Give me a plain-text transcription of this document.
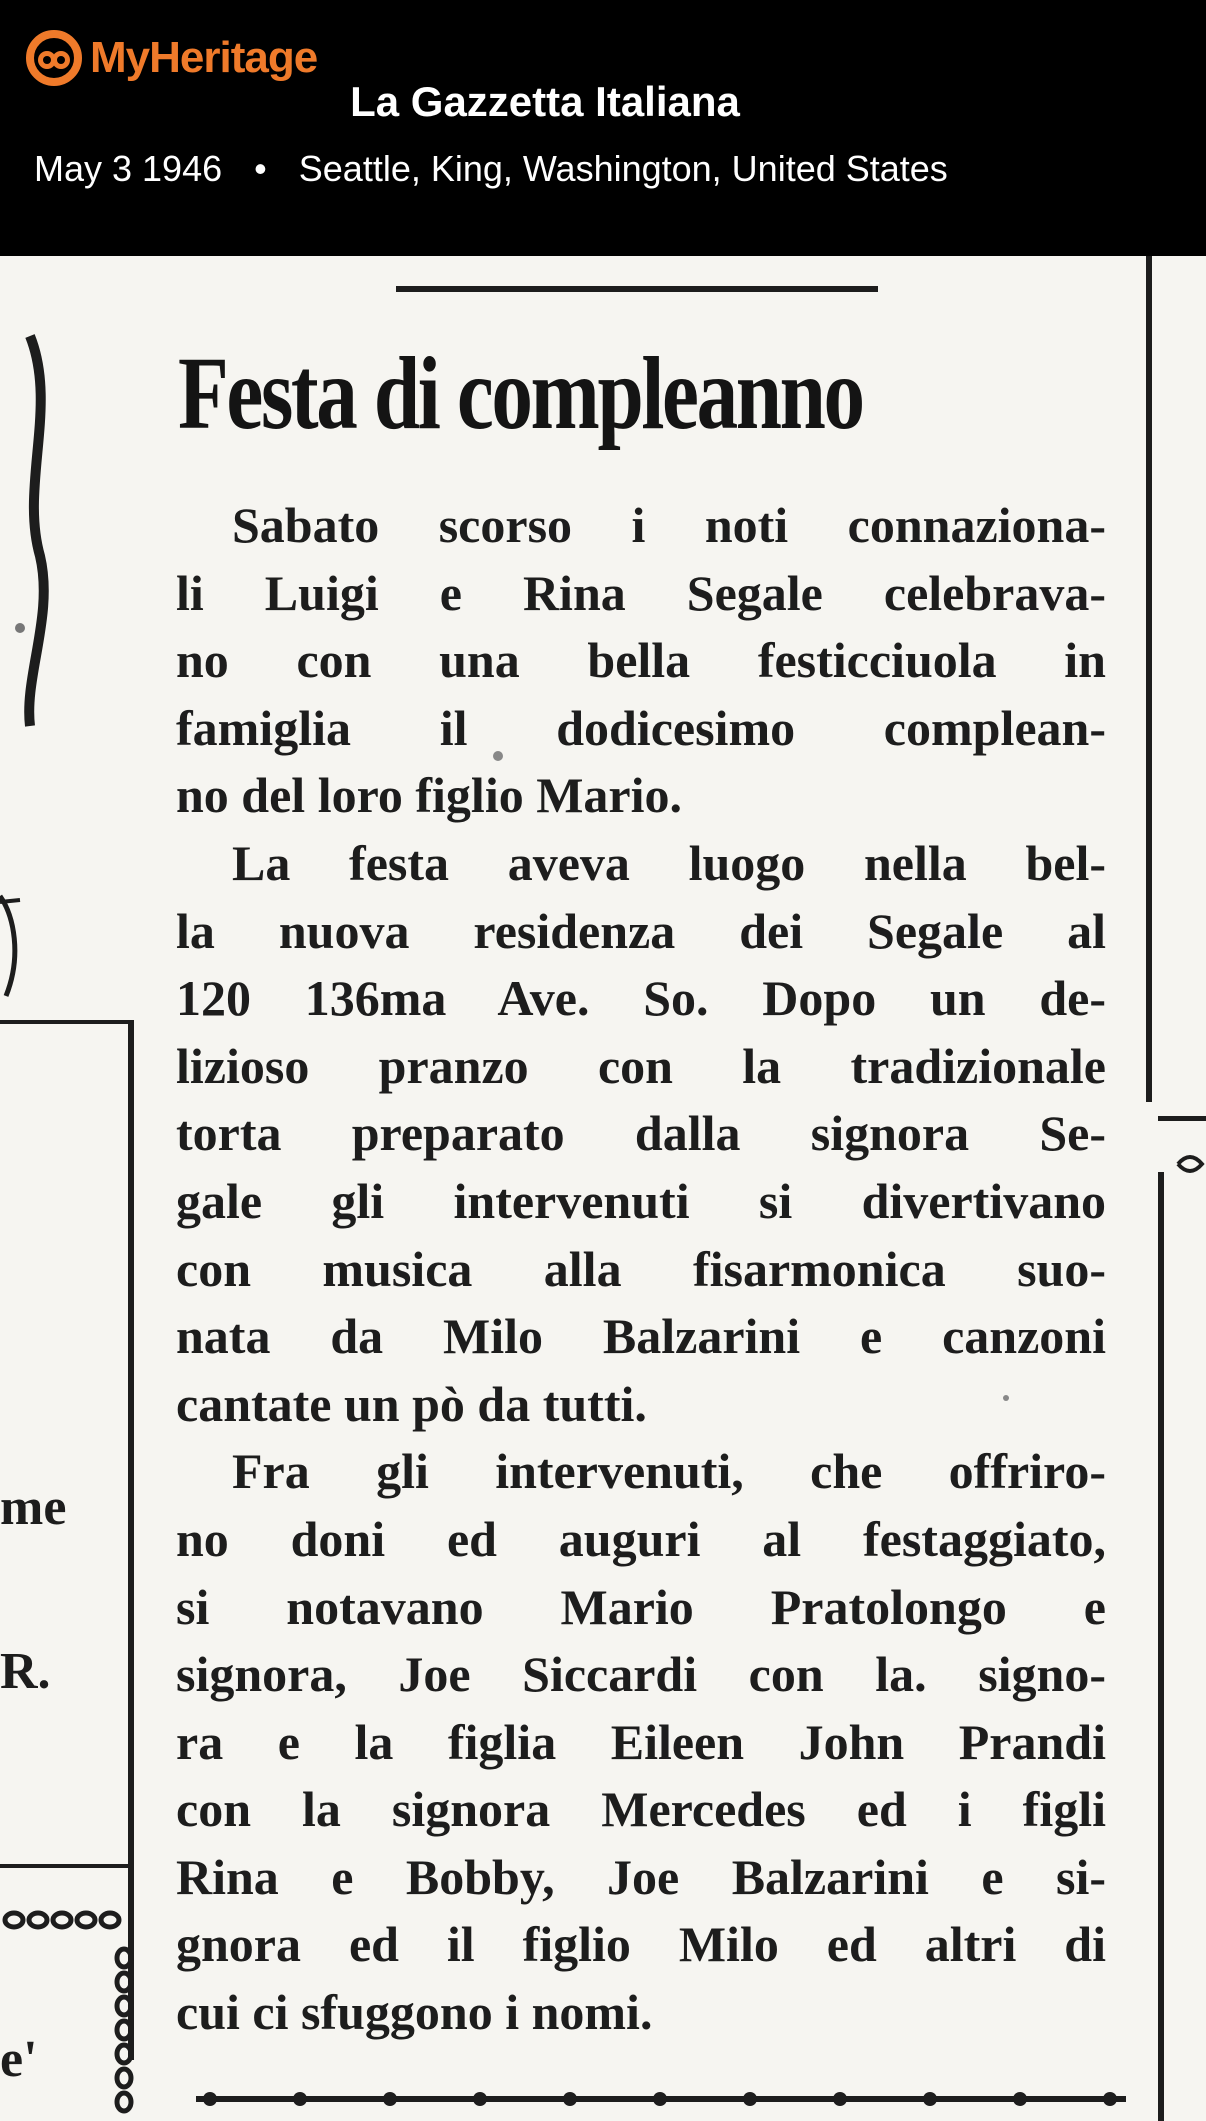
MyHeritage
La Gazzetta Italiana
May 3 1946 • Seattle, King, Washington, United States
Festa di compleanno
Sabato scorso i noti connaziona-
li Luigi e Rina Segale celebrava-
no con una bella festicciuola in
famiglia il dodicesimo complean-
no del loro figlio Mario.
La festa aveva luogo nella bel-
la nuova residenza dei Segale al
120 136ma Ave. So. Dopo un de-
lizioso pranzo con la tradizionale
torta preparato dalla signora Se-
gale gli intervenuti si divertivano
con musica alla fisarmonica suo-
nata da Milo Balzarini e canzoni
cantate un pò da tutti.
Fra gli intervenuti, che offriro-
no doni ed auguri al festaggiato,
si notavano Mario Pratolongo e
signora, Joe Siccardi con la. signo-
ra e la figlia Eileen John Prandi
con la signora Mercedes ed i figli
Rina e Bobby, Joe Balzarini e si-
gnora ed il figlio Milo ed altri di
cui ci sfuggono i nomi.
me
R.
e'
